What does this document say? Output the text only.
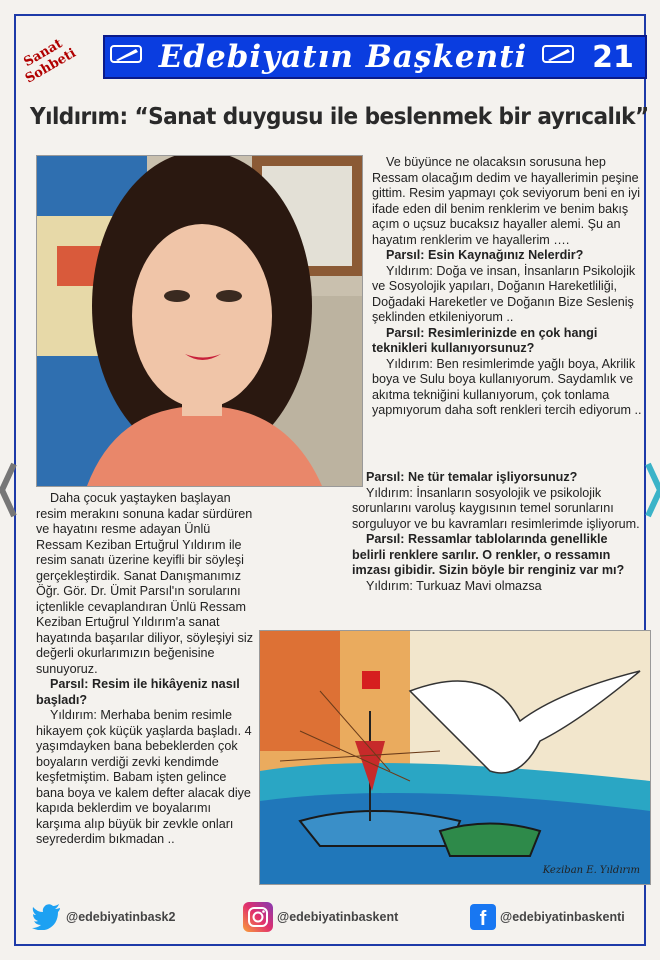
Sanat Sohbeti	Edebiyatın Başkenti	21
Yıldırım: “Sanat duygusu ile beslenmek bir ayrıcalık”

Ve büyünce ne olacaksın sorusuna hep Ressam olacağım dedim ve hayallerimin peşine gittim. Resim yapmayı çok seviyorum beni en iyi ifade eden dil benim renklerim ve benim bakış açım o uçsuz bucaksız hayaller alemi. Şu an hayatım renklerim ve hayallerim ….

Parsıl: Esin Kaynağınız Nelerdir?

Yıldırım: Doğa ve insan, İnsanların Psikolojik ve Sosyolojik yapıları, Doğanın Hareketliliği, Doğadaki Hareketler ve Doğanın Bize Sesleniş şeklinden etkileniyorum ..

Parsıl: Resimlerinizde en çok hangi teknikleri kullanıyorsunuz?

Yıldırım: Ben resimlerimde yağlı boya, Akrilik boya ve Sulu boya kullanıyorum. Saydamlık ve akıtma tekniğini kullanıyorum, çok tonlama yapmıyorum daha soft renkleri tercih ediyorum ..

Parsıl: Ne tür temalar işliyorsunuz?

Yıldırım: İnsanların sosyolojik ve psikolojik sorunlarını varoluş kaygısının temel sorunlarını sorguluyor ve bu kavramları resimlerimde işliyorum.

Parsıl: Ressamlar tablolarında genellikle belirli renklere sarılır. O renkler, o ressamın imzası gibidir. Sizin böyle bir renginiz var mı?

Yıldırım: Turkuaz Mavi olmazsa

Daha çocuk yaştayken başlayan resim merakını sonuna kadar sürdüren ve hayatını resme adayan Ünlü Ressam Keziban Ertuğrul Yıldırım ile resim sanatı üzerine keyifli bir söyleşi gerçekleştirdik. Sanat Danışmanımız Öğr. Gör. Dr. Ümit Parsıl'ın sorularını içtenlikle cevaplandıran Ünlü Ressam Keziban Ertuğrul Yıldırım'a sanat hayatında başarılar diliyor, söyleşiyi siz değerli okurlarımızın beğenisine sunuyoruz.

Parsıl: Resim ile hikâyeniz nasıl başladı?

Yıldırım: Merhaba benim resimle hikayem çok küçük yaşlarda başladı. 4 yaşımdayken bana bebeklerden çok boyaların verdiği zevki kendimde keşfetmiştim. Babam işten gelince bana boya ve kalem defter alacak diye kapıda beklerdim ve boyalarımı karşıma alıp büyük bir zevkle onları seyrederdim bıkmadan ..

Keziban E. Yıldırım
@edebiyatinbask2	@edebiyatinbaskent	f @edebiyatinbaskenti
